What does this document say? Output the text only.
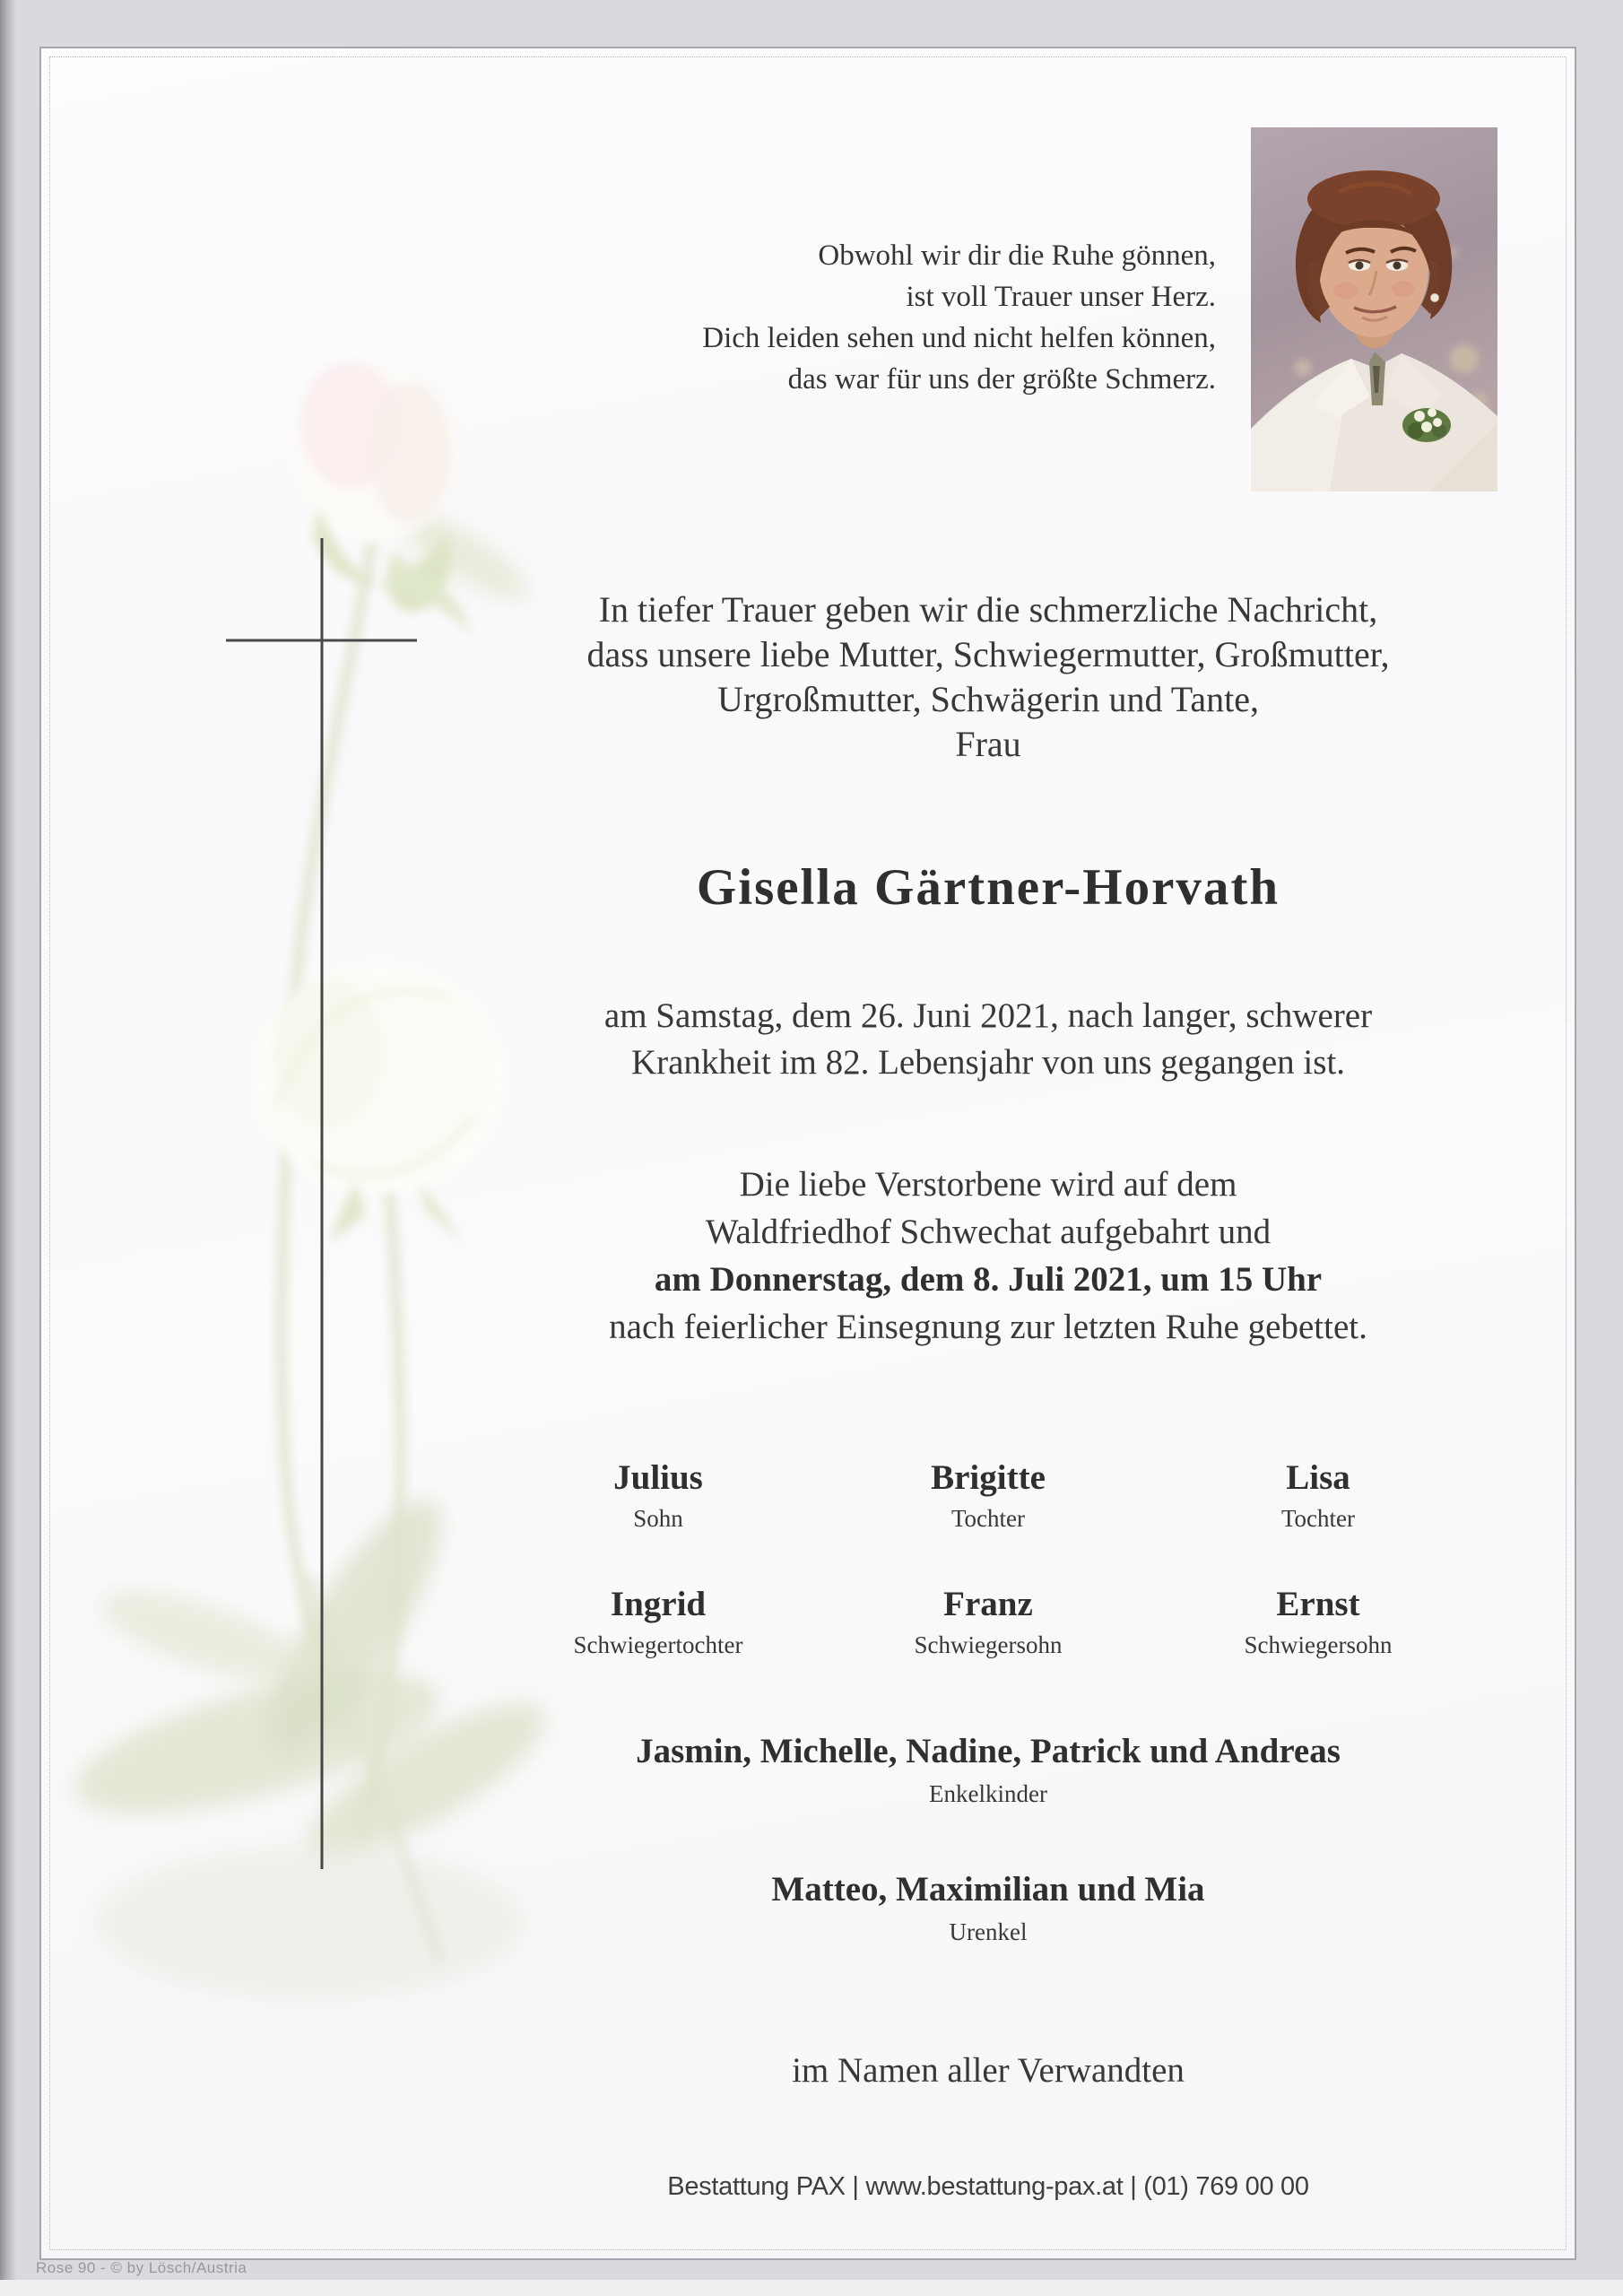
Obwohl wir dir die Ruhe gönnen,
ist voll Trauer unser Herz.
Dich leiden sehen und nicht helfen können,
das war für uns der größte Schmerz.
In tiefer Trauer geben wir die schmerzliche Nachricht,
dass unsere liebe Mutter, Schwiegermutter, Großmutter,
Urgroßmutter, Schwägerin und Tante,
Frau
Gisella Gärtner-Horvath
am Samstag, dem 26. Juni 2021, nach langer, schwerer
Krankheit im 82. Lebensjahr von uns gegangen ist.
Die liebe Verstorbene wird auf dem
Waldfriedhof Schwechat aufgebahrt und
am Donnerstag, dem 8. Juli 2021, um 15 Uhr
nach feierlicher Einsegnung zur letzten Ruhe gebettet.
Julius
Sohn
Brigitte
Tochter
Lisa
Tochter
Ingrid
Schwiegertochter
Franz
Schwiegersohn
Ernst
Schwiegersohn
Jasmin, Michelle, Nadine, Patrick und Andreas
Enkelkinder
Matteo, Maximilian und Mia
Urenkel
im Namen aller Verwandten
Bestattung PAX | www.bestattung-pax.at | (01) 769 00 00
Rose 90 - © by Lösch/Austria
